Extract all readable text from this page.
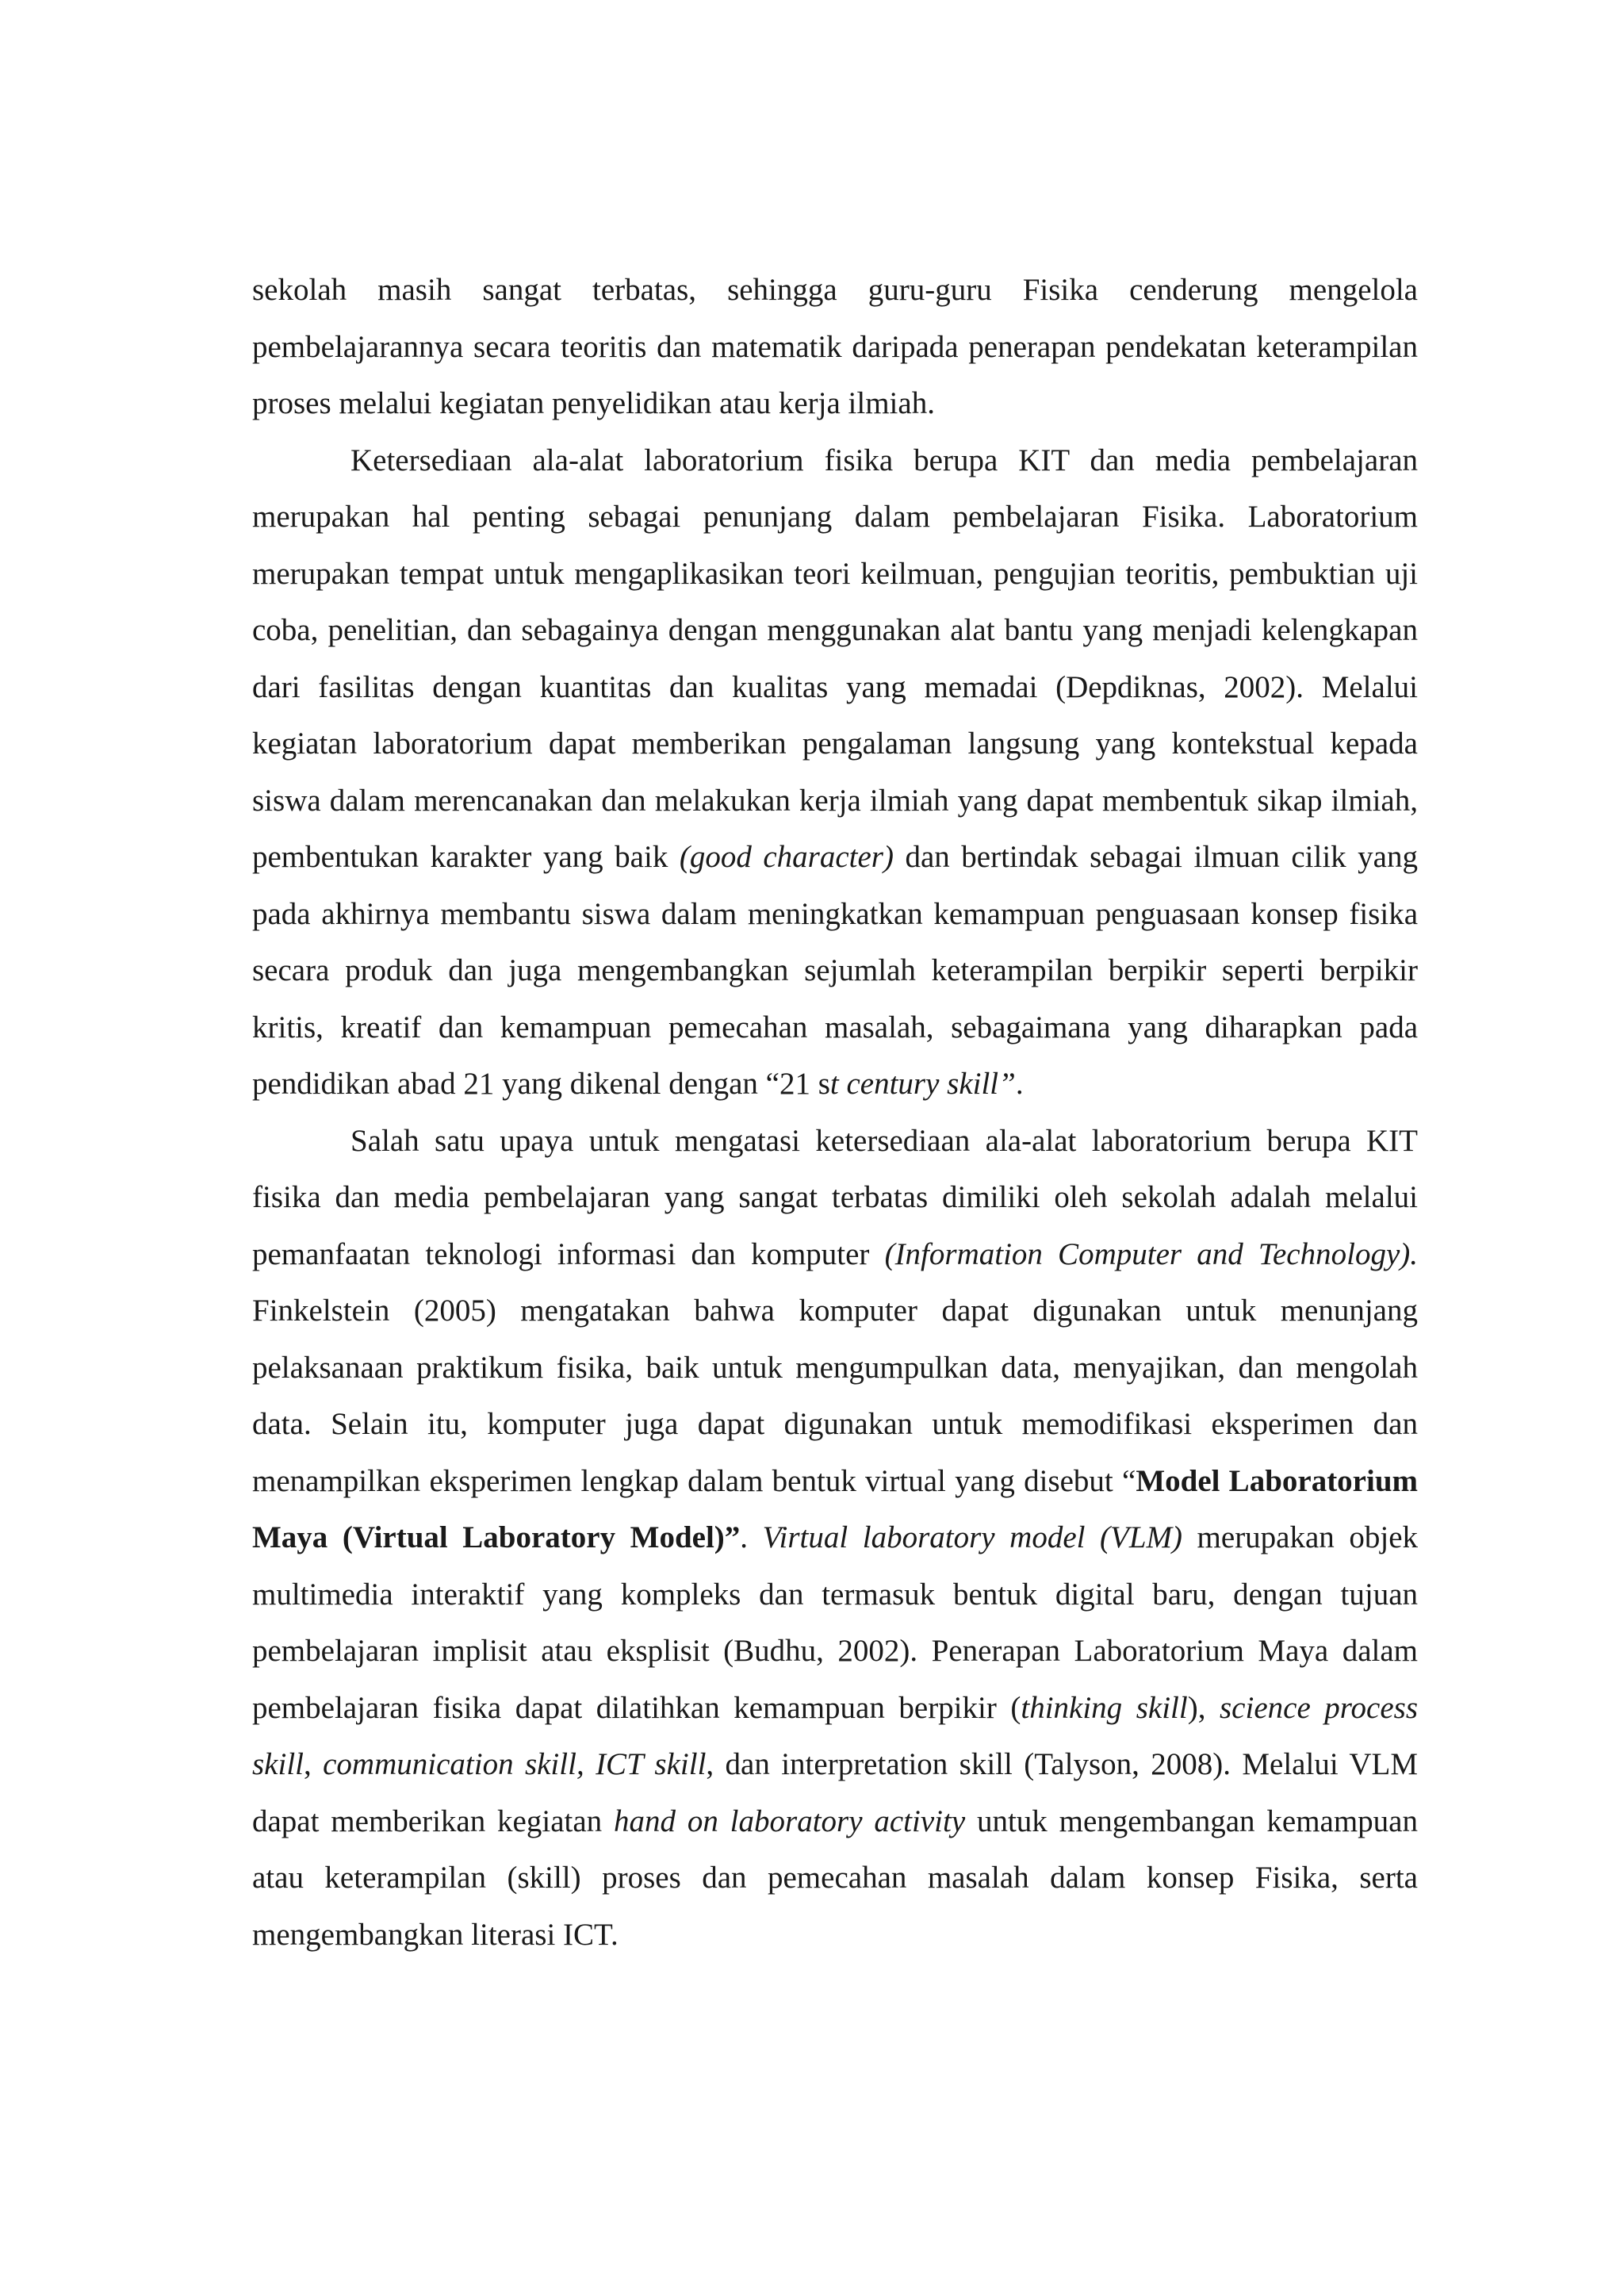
sekolah masih sangat terbatas, sehingga guru-guru Fisika cenderung mengelola pembelajarannya secara teoritis dan matematik daripada penerapan pendekatan keterampilan proses melalui kegiatan penyelidikan atau kerja ilmiah.

Ketersediaan ala-alat laboratorium fisika berupa KIT dan media pembelajaran merupakan hal penting sebagai penunjang dalam pembelajaran Fisika. Laboratorium merupakan tempat untuk mengaplikasikan teori keilmuan, pengujian teoritis, pembuktian uji coba, penelitian, dan sebagainya dengan menggunakan alat bantu yang menjadi kelengkapan dari fasilitas dengan kuantitas dan kualitas yang memadai (Depdiknas, 2002). Melalui kegiatan laboratorium dapat memberikan pengalaman langsung yang kontekstual kepada siswa dalam merencanakan dan melakukan kerja ilmiah yang dapat membentuk sikap ilmiah, pembentukan karakter yang baik (good character) dan bertindak sebagai ilmuan cilik yang pada akhirnya membantu siswa dalam meningkatkan kemampuan penguasaan konsep fisika secara produk dan juga mengembangkan sejumlah keterampilan berpikir seperti berpikir kritis, kreatif dan kemampuan pemecahan masalah, sebagaimana yang diharapkan pada pendidikan abad 21 yang dikenal dengan “21 st century skill”.

Salah satu upaya untuk mengatasi ketersediaan ala-alat laboratorium berupa KIT fisika dan media pembelajaran yang sangat terbatas dimiliki oleh sekolah adalah melalui pemanfaatan teknologi informasi dan komputer (Information Computer and Technology). Finkelstein (2005) mengatakan bahwa komputer dapat digunakan untuk menunjang pelaksanaan praktikum fisika, baik untuk mengumpulkan data, menyajikan, dan mengolah data. Selain itu, komputer juga dapat digunakan untuk memodifikasi eksperimen dan menampilkan eksperimen lengkap dalam bentuk virtual yang disebut “Model Laboratorium Maya (Virtual Laboratory Model)”. Virtual laboratory model (VLM) merupakan objek multimedia interaktif yang kompleks dan termasuk bentuk digital baru, dengan tujuan pembelajaran implisit atau eksplisit (Budhu, 2002). Penerapan Laboratorium Maya dalam pembelajaran fisika dapat dilatihkan kemampuan berpikir (thinking skill), science process skill, communication skill, ICT skill, dan interpretation skill (Talyson, 2008). Melalui VLM dapat memberikan kegiatan hand on laboratory activity untuk mengembangan kemampuan atau keterampilan (skill) proses dan pemecahan masalah dalam konsep Fisika, serta mengembangkan literasi ICT.
